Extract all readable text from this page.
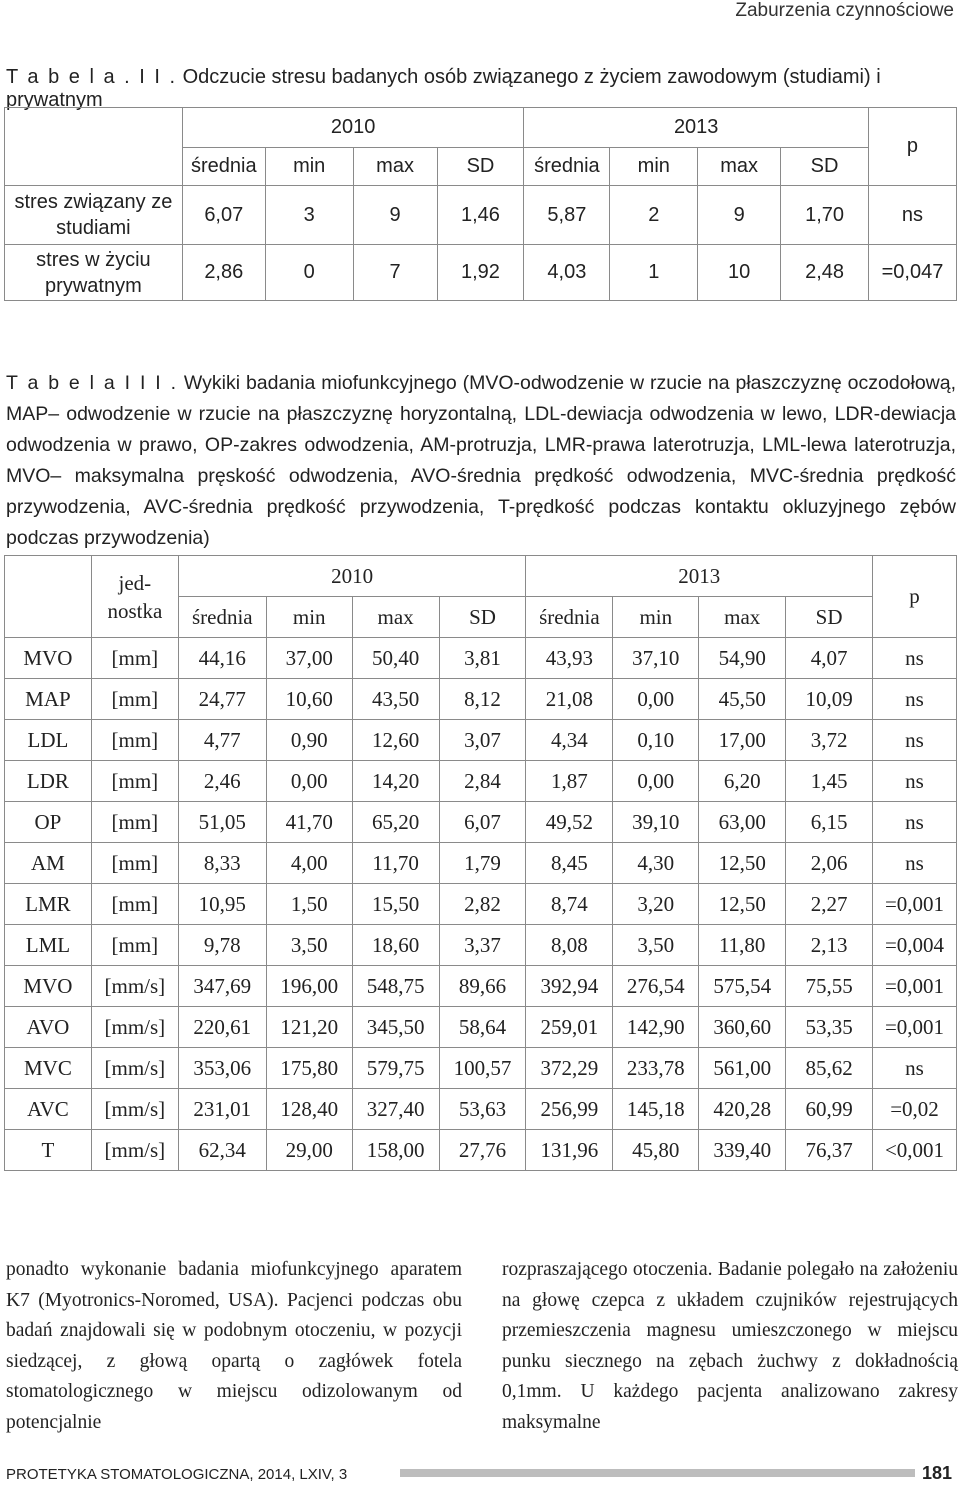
Zaburzenia czynnościowe
T a b e l a . I I . Odczucie stresu badanych osób związanego z życiem zawodowym (studiami) i prywatnym
	2010				2013				p
	średnia	min	max	SD	średnia	min	max	SD	
stres związany ze studiami	6,07	3	9	1,46	5,87	2	9	1,70	ns
stres w życiu prywatnym	2,86	0	7	1,92	4,03	1	10	2,48	=0,047
T a b e l a I I I . Wykiki badania miofunkcyjnego (MVO-odwodzenie w rzucie na płaszczyznę oczodołową, MAP– odwodzenie w rzucie na płaszczyznę horyzontalną, LDL-dewiacja odwodzenia w lewo, LDR-dewiacja odwodzenia w prawo, OP-zakres odwodzenia, AM-protruzja, LMR-prawa laterotruzja, LML-lewa laterotruzja, MVO– maksymalna pręskość odwodzenia, AVO-średnia prędkość odwodzenia, MVC-średnia prędkość przywodzenia, AVC-średnia prędkość przywodzenia, T-prędkość podczas kontaktu okluzyjnego zębów podczas przywodzenia)
	jed-nostka	2010				2013				p
		średnia	min	max	SD	średnia	min	max	SD	
MVO	[mm]	44,16	37,00	50,40	3,81	43,93	37,10	54,90	4,07	ns
MAP	[mm]	24,77	10,60	43,50	8,12	21,08	0,00	45,50	10,09	ns
LDL	[mm]	4,77	0,90	12,60	3,07	4,34	0,10	17,00	3,72	ns
LDR	[mm]	2,46	0,00	14,20	2,84	1,87	0,00	6,20	1,45	ns
OP	[mm]	51,05	41,70	65,20	6,07	49,52	39,10	63,00	6,15	ns
AM	[mm]	8,33	4,00	11,70	1,79	8,45	4,30	12,50	2,06	ns
LMR	[mm]	10,95	1,50	15,50	2,82	8,74	3,20	12,50	2,27	=0,001
LML	[mm]	9,78	3,50	18,60	3,37	8,08	3,50	11,80	2,13	=0,004
MVO	[mm/s]	347,69	196,00	548,75	89,66	392,94	276,54	575,54	75,55	=0,001
AVO	[mm/s]	220,61	121,20	345,50	58,64	259,01	142,90	360,60	53,35	=0,001
MVC	[mm/s]	353,06	175,80	579,75	100,57	372,29	233,78	561,00	85,62	ns
AVC	[mm/s]	231,01	128,40	327,40	53,63	256,99	145,18	420,28	60,99	=0,02
T	[mm/s]	62,34	29,00	158,00	27,76	131,96	45,80	339,40	76,37	<0,001
ponadto wykonanie badania miofunkcyjnego aparatem K7 (Myotronics-Noromed, USA). Pacjenci podczas obu badań znajdowali się w podobnym otoczeniu, w pozycji siedzącej, z głową opartą o zagłówek fotela stomatologicznego w miejscu odizolowanym od potencjalnie
rozpraszającego otoczenia. Badanie polegało na założeniu na głowę czepca z układem czujników rejestrujących przemieszczenia magnesu umieszczonego w miejscu punku siecznego na zębach żuchwy z dokładnością 0,1mm. U każdego pacjenta analizowano zakresy maksymalne
PROTETYKA STOMATOLOGICZNA, 2014, LXIV, 3	181
